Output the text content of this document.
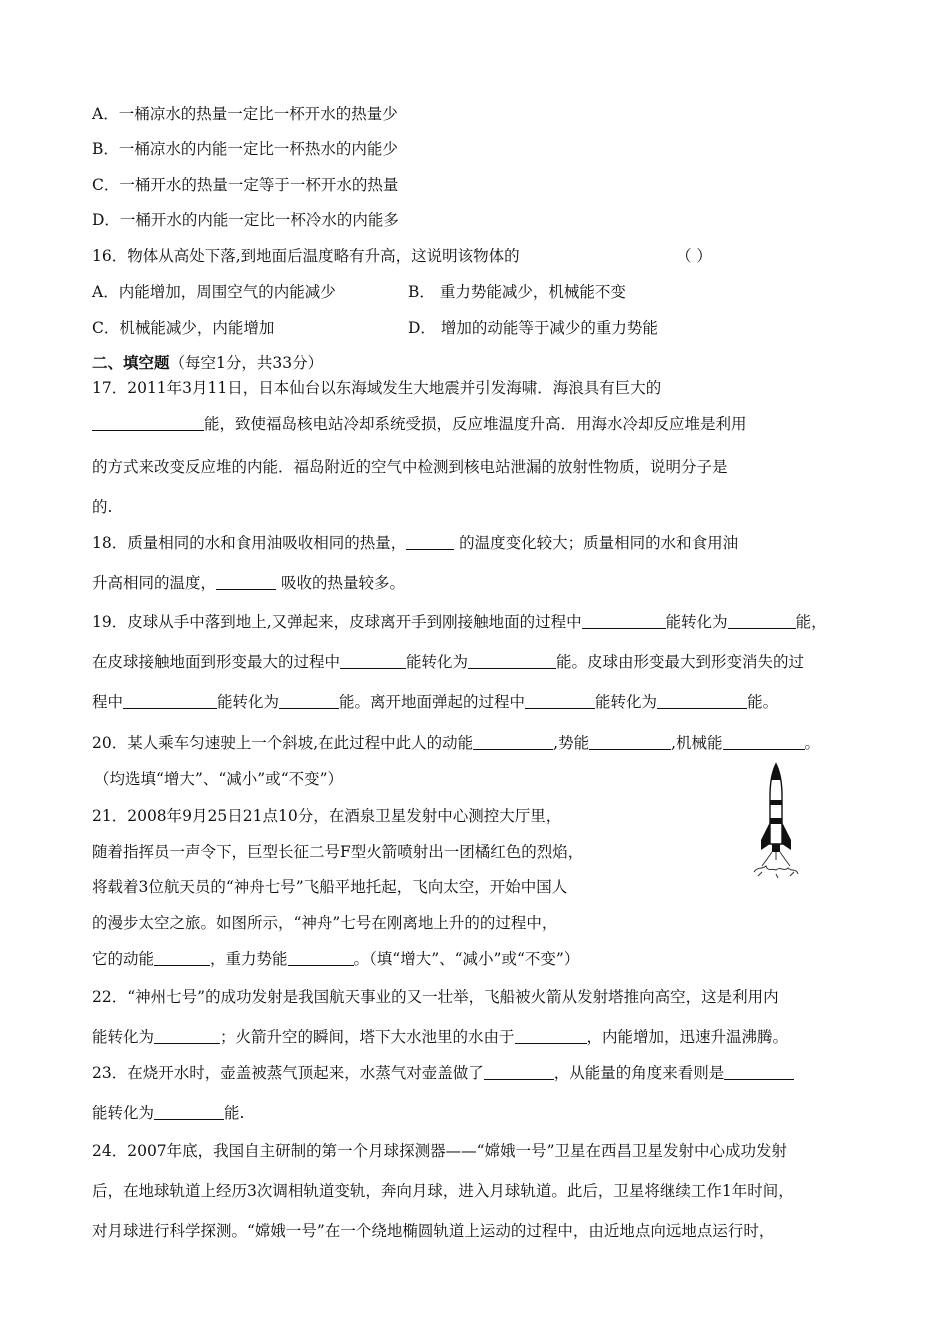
A．一桶凉水的热量一定比一杯开水的热量少
B．一桶凉水的内能一定比一杯热水的内能少
C．一桶开水的热量一定等于一杯开水的热量
D．一桶开水的内能一定比一杯冷水的内能多
16．物体从高处下落,到地面后温度略有升高，这说明该物体的	（ ）
A．内能增加，周围空气的内能减少	B． 重力势能减少，机械能不变
C．机械能减少，内能增加	D． 增加的动能等于减少的重力势能
二、填空题（每空1分，共33分）
17．2011年3月11日，日本仙台以东海域发生大地震并引发海啸．海浪具有巨大的
能，致使福岛核电站冷却系统受损，反应堆温度升高．用海水冷却反应堆是利用
的方式来改变反应堆的内能．福岛附近的空气中检测到核电站泄漏的放射性物质，说明分子是
的.
18．质量相同的水和食用油吸收相同的热量，	的温度变化较大；质量相同的水和食用油
升高相同的温度，	吸收的热量较多。
19．皮球从手中落到地上,又弹起来，皮球离开手到刚接触地面的过程中	能转化为	能，
在皮球接触地面到形变最大的过程中	能转化为	能。皮球由形变最大到形变消失的过
程中	能转化为	能。离开地面弹起的过程中	能转化为	能。
20．某人乘车匀速驶上一个斜坡,在此过程中此人的动能	,势能	,机械能	。
（均选填“增大”、“减小”或“不变”）
21．2008年9月25日21点10分，在酒泉卫星发射中心测控大厅里，
随着指挥员一声令下，巨型长征二号F型火箭喷射出一团橘红色的烈焰，
将载着3位航天员的“神舟七号”飞船平地托起，飞向太空，开始中国人
的漫步太空之旅。如图所示，“神舟”七号在刚离地上升的的过程中，
它的动能	，重力势能	。（填“增大”、“减小”或“不变”）
22．“神州七号”的成功发射是我国航天事业的又一壮举，飞船被火箭从发射塔推向高空，这是利用内
能转化为	；火箭升空的瞬间，塔下大水池里的水由于	，内能增加，迅速升温沸腾。
23．在烧开水时，壶盖被蒸气顶起来，水蒸气对壶盖做了	，从能量的角度来看则是
能转化为	能.
24．2007年底，我国自主研制的第一个月球探测器——“嫦娥一号”卫星在西昌卫星发射中心成功发射
后，在地球轨道上经历3次调相轨道变轨，奔向月球，进入月球轨道。此后，卫星将继续工作1年时间，
对月球进行科学探测。“嫦娥一号”在一个绕地椭圆轨道上运动的过程中，由近地点向远地点运行时，
